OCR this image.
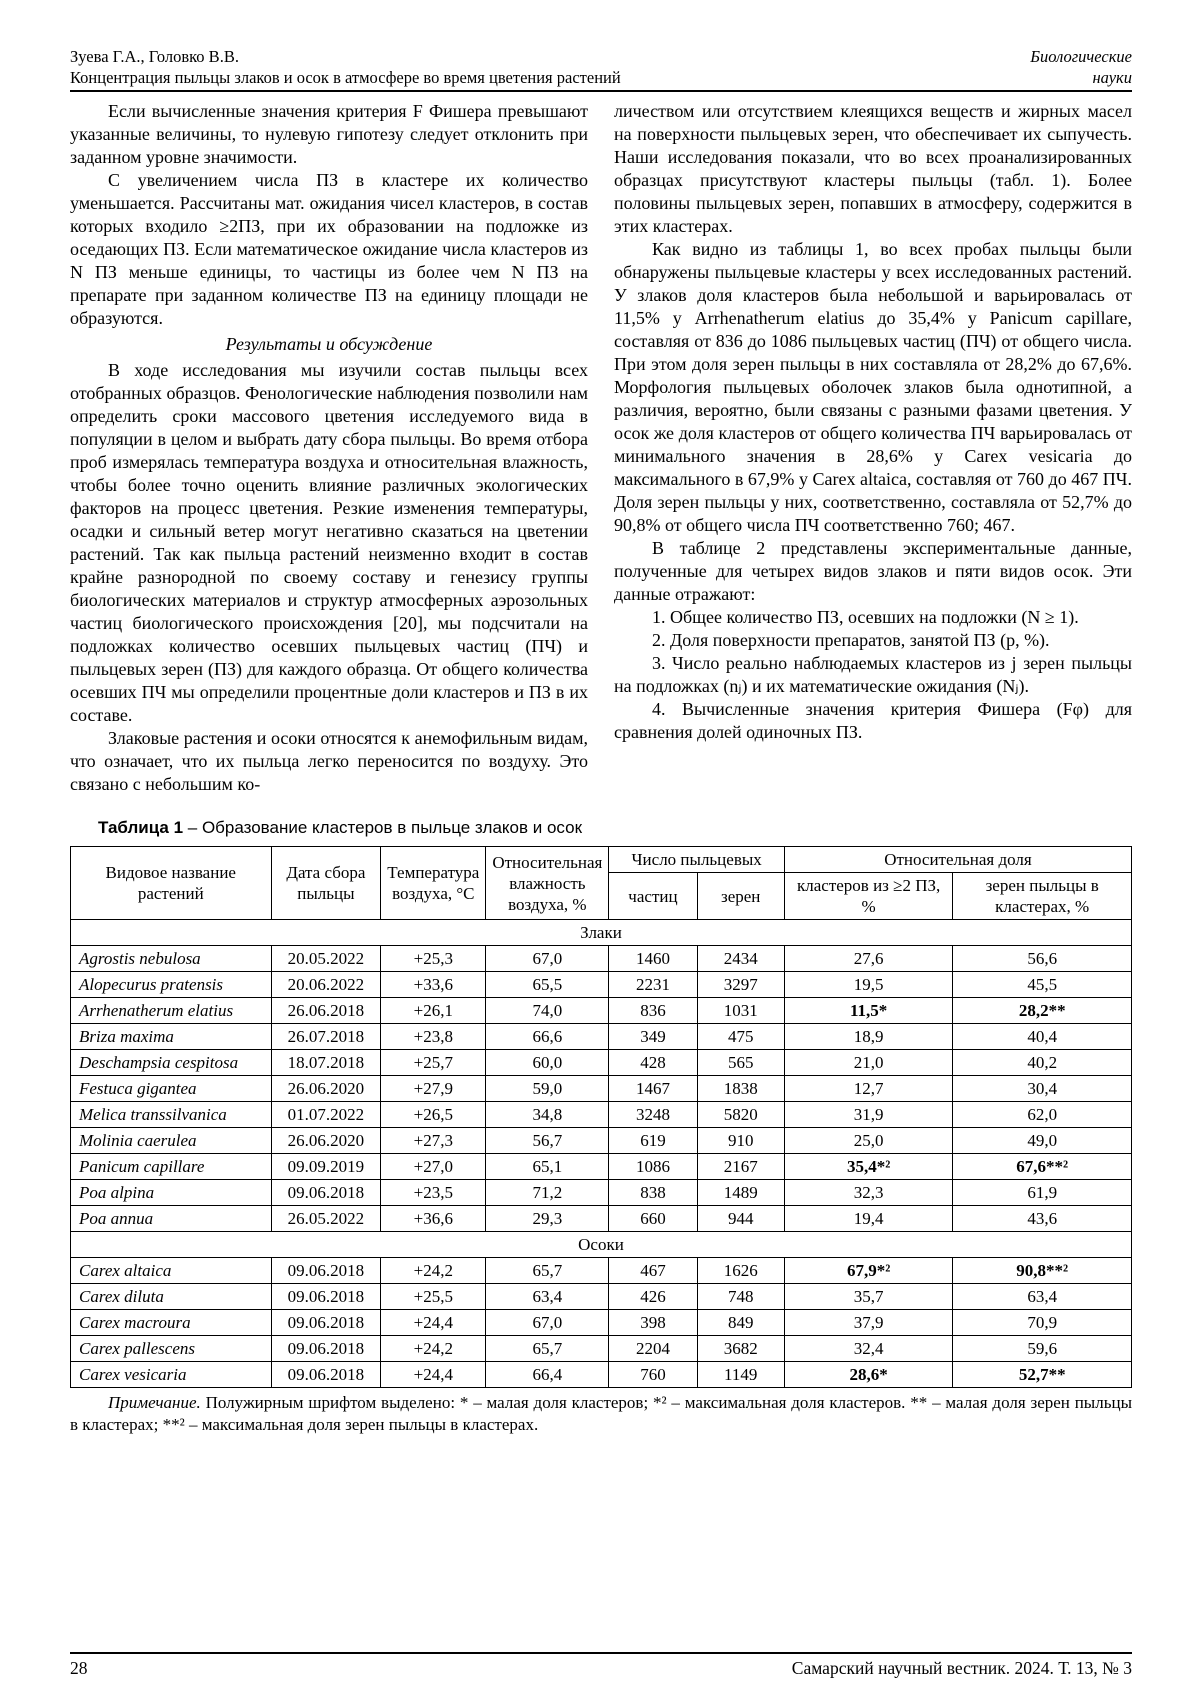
Зуева Г.А., Головко В.В.	Биологические
Концентрация пыльцы злаков и осок в атмосфере во время цветения растений	науки
Если вычисленные значения критерия F Фишера превышают указанные величины, то нулевую гипотезу следует отклонить при заданном уровне значимости.
С увеличением числа ПЗ в кластере их количество уменьшается. Рассчитаны мат. ожидания чисел кластеров, в состав которых входило ≥2ПЗ, при их образовании на подложке из оседающих ПЗ. Если математическое ожидание числа кластеров из N ПЗ меньше единицы, то частицы из более чем N ПЗ на препарате при заданном количестве ПЗ на единицу площади не образуются.
Результаты и обсуждение
В ходе исследования мы изучили состав пыльцы всех отобранных образцов. Фенологические наблюдения позволили нам определить сроки массового цветения исследуемого вида в популяции в целом и выбрать дату сбора пыльцы. Во время отбора проб измерялась температура воздуха и относительная влажность, чтобы более точно оценить влияние различных экологических факторов на процесс цветения. Резкие изменения температуры, осадки и сильный ветер могут негативно сказаться на цветении растений. Так как пыльца растений неизменно входит в состав крайне разнородной по своему составу и генезису группы биологических материалов и структур атмосферных аэрозольных частиц биологического происхождения [20], мы подсчитали на подложках количество осевших пыльцевых частиц (ПЧ) и пыльцевых зерен (ПЗ) для каждого образца. От общего количества осевших ПЧ мы определили процентные доли кластеров и ПЗ в их составе.
Злаковые растения и осоки относятся к анемофильным видам, что означает, что их пыльца легко переносится по воздуху. Это связано с небольшим ко-
личеством или отсутствием клеящихся веществ и жирных масел на поверхности пыльцевых зерен, что обеспечивает их сыпучесть. Наши исследования показали, что во всех проанализированных образцах присутствуют кластеры пыльцы (табл. 1). Более половины пыльцевых зерен, попавших в атмосферу, содержится в этих кластерах.
Как видно из таблицы 1, во всех пробах пыльцы были обнаружены пыльцевые кластеры у всех исследованных растений. У злаков доля кластеров была небольшой и варьировалась от 11,5% у Arrhenatherum elatius до 35,4% у Panicum capillare, составляя от 836 до 1086 пыльцевых частиц (ПЧ) от общего числа. При этом доля зерен пыльцы в них составляла от 28,2% до 67,6%. Морфология пыльцевых оболочек злаков была однотипной, а различия, вероятно, были связаны с разными фазами цветения. У осок же доля кластеров от общего количества ПЧ варьировалась от минимального значения в 28,6% у Carex vesicaria до максимального в 67,9% у Carex altaica, составляя от 760 до 467 ПЧ. Доля зерен пыльцы у них, соответственно, составляла от 52,7% до 90,8% от общего числа ПЧ соответственно 760; 467.
В таблице 2 представлены экспериментальные данные, полученные для четырех видов злаков и пяти видов осок. Эти данные отражают:
1. Общее количество ПЗ, осевших на подложки (N ≥ 1).
2. Доля поверхности препаратов, занятой ПЗ (p, %).
3. Число реально наблюдаемых кластеров из j зерен пыльцы на подложках (nⱼ) и их математические ожидания (Nⱼ).
4. Вычисленные значения критерия Фишера (Fφ) для сравнения долей одиночных ПЗ.
Таблица 1 – Образование кластеров в пыльце злаков и осок
Видовое название растений	Дата сбора пыльцы	Температура воздуха, °С	Относительная влажность воздуха, %	Число пыльцевых		Относительная доля	
				частиц	зерен	кластеров из ≥2 ПЗ, %	зерен пыльцы в кластерах, %
Злаки							
Agrostis nebulosa	20.05.2022	+25,3	67,0	1460	2434	27,6	56,6
Alopecurus pratensis	20.06.2022	+33,6	65,5	2231	3297	19,5	45,5
Arrhenatherum elatius	26.06.2018	+26,1	74,0	836	1031	11,5*	28,2**
Briza maxima	26.07.2018	+23,8	66,6	349	475	18,9	40,4
Deschampsia cespitosa	18.07.2018	+25,7	60,0	428	565	21,0	40,2
Festuca gigantea	26.06.2020	+27,9	59,0	1467	1838	12,7	30,4
Melica transsilvanica	01.07.2022	+26,5	34,8	3248	5820	31,9	62,0
Molinia caerulea	26.06.2020	+27,3	56,7	619	910	25,0	49,0
Panicum capillare	09.09.2019	+27,0	65,1	1086	2167	35,4*²	67,6**²
Poa alpina	09.06.2018	+23,5	71,2	838	1489	32,3	61,9
Poa annua	26.05.2022	+36,6	29,3	660	944	19,4	43,6
Осоки							
Carex altaica	09.06.2018	+24,2	65,7	467	1626	67,9*²	90,8**²
Carex diluta	09.06.2018	+25,5	63,4	426	748	35,7	63,4
Carex macroura	09.06.2018	+24,4	67,0	398	849	37,9	70,9
Carex pallescens	09.06.2018	+24,2	65,7	2204	3682	32,4	59,6
Carex vesicaria	09.06.2018	+24,4	66,4	760	1149	28,6*	52,7**
Примечание. Полужирным шрифтом выделено: * – малая доля кластеров; *² – максимальная доля кластеров. ** – малая доля зерен пыльцы в кластерах; **² – максимальная доля зерен пыльцы в кластерах.
28	Самарский научный вестник. 2024. Т. 13, № 3
